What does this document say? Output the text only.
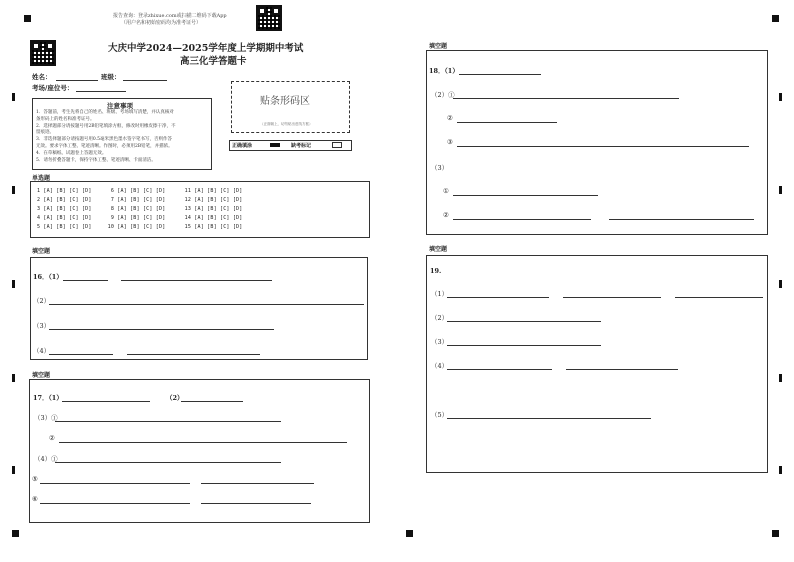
报告查询：登录zhixue.com或扫描二维码下载App
（用户名和初始密码均为准考证号）
大庆中学2024—2025学年度上学期期中考试
高三化学答题卡
姓名：	班级：
考场/座位号：
注意事项
1．答题前，考生先将自己的姓名、班级、考场填写清楚，并认真核对
条形码上的姓名和准考证号。
2．选择题部分请按题号用2B铅笔填涂方框，修改时用橡皮擦干净，不
留痕迹。
3．非选择题部分请按题号用0.5毫米黑色墨水签字笔书写，否则作答
无效。要求字体工整、笔迹清晰。作图时，必须用2B铅笔，并描浓。
4．在草稿纸、试题卷上答题无效。
5．请勿折叠答题卡，保持字体工整、笔迹清晰、卡面清洁。
贴条形码区
（正面朝上，切勿贴出虚线方框）
正确填涂	缺考标记
单选题
1 [A] [B] [C] [D]      6 [A] [B] [C] [D]      11 [A] [B] [C] [D]
2 [A] [B] [C] [D]      7 [A] [B] [C] [D]      12 [A] [B] [C] [D]
3 [A] [B] [C] [D]      8 [A] [B] [C] [D]      13 [A] [B] [C] [D]
4 [A] [B] [C] [D]      9 [A] [B] [C] [D]      14 [A] [B] [C] [D]
5 [A] [B] [C] [D]     10 [A] [B] [C] [D]      15 [A] [B] [C] [D]
填空题
16．（1）
（2）
（3）
（4）
填空题
17．（1）	（2）
（3）①
②
（4）①
⑤
⑥
填空题
18．（1）
（2）①
②
③
（3）
①
②
填空题
19.
（1）
（2）
（3）
（4）
（5）
